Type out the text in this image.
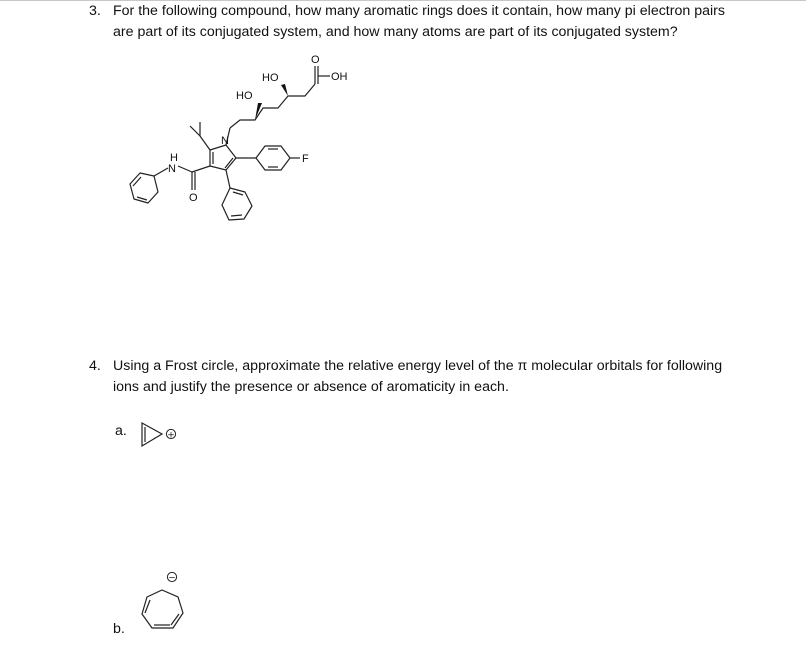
3. For the following compound, how many aromatic rings does it contain, how many pi electron pairs
are part of its conjugated system, and how many atoms are part of its conjugated system?
HO
HO
OH
O
N
F
H
N
O
4. Using a Frost circle, approximate the relative energy level of the π molecular orbitals for following
ions and justify the presence or absence of aromaticity in each.
a.	+
b.
−
